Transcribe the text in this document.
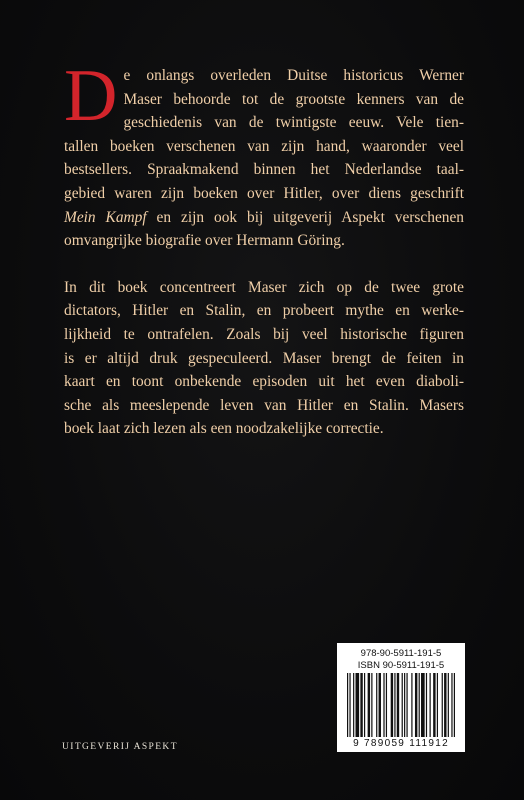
D e onlangs overleden Duitse historicus Werner
Maser behoorde tot de grootste kenners van de
geschiedenis van de twintigste eeuw. Vele tien-
tallen boeken verschenen van zijn hand, waaronder veel
bestsellers. Spraakmakend binnen het Nederlandse taal-
gebied waren zijn boeken over Hitler, over diens geschrift
Mein Kampf en zijn ook bij uitgeverij Aspekt verschenen
omvangrijke biografie over Hermann Göring.
In dit boek concentreert Maser zich op de twee grote
dictators, Hitler en Stalin, en probeert mythe en werke-
lijkheid te ontrafelen. Zoals bij veel historische figuren
is er altijd druk gespeculeerd. Maser brengt de feiten in
kaart en toont onbekende episoden uit het even diaboli-
sche als meeslepende leven van Hitler en Stalin. Masers
boek laat zich lezen als een noodzakelijke correctie.
978-90-5911-191-5
ISBN 90-5911-191-5
9 789059 111912
UITGEVERIJ ASPEKT
